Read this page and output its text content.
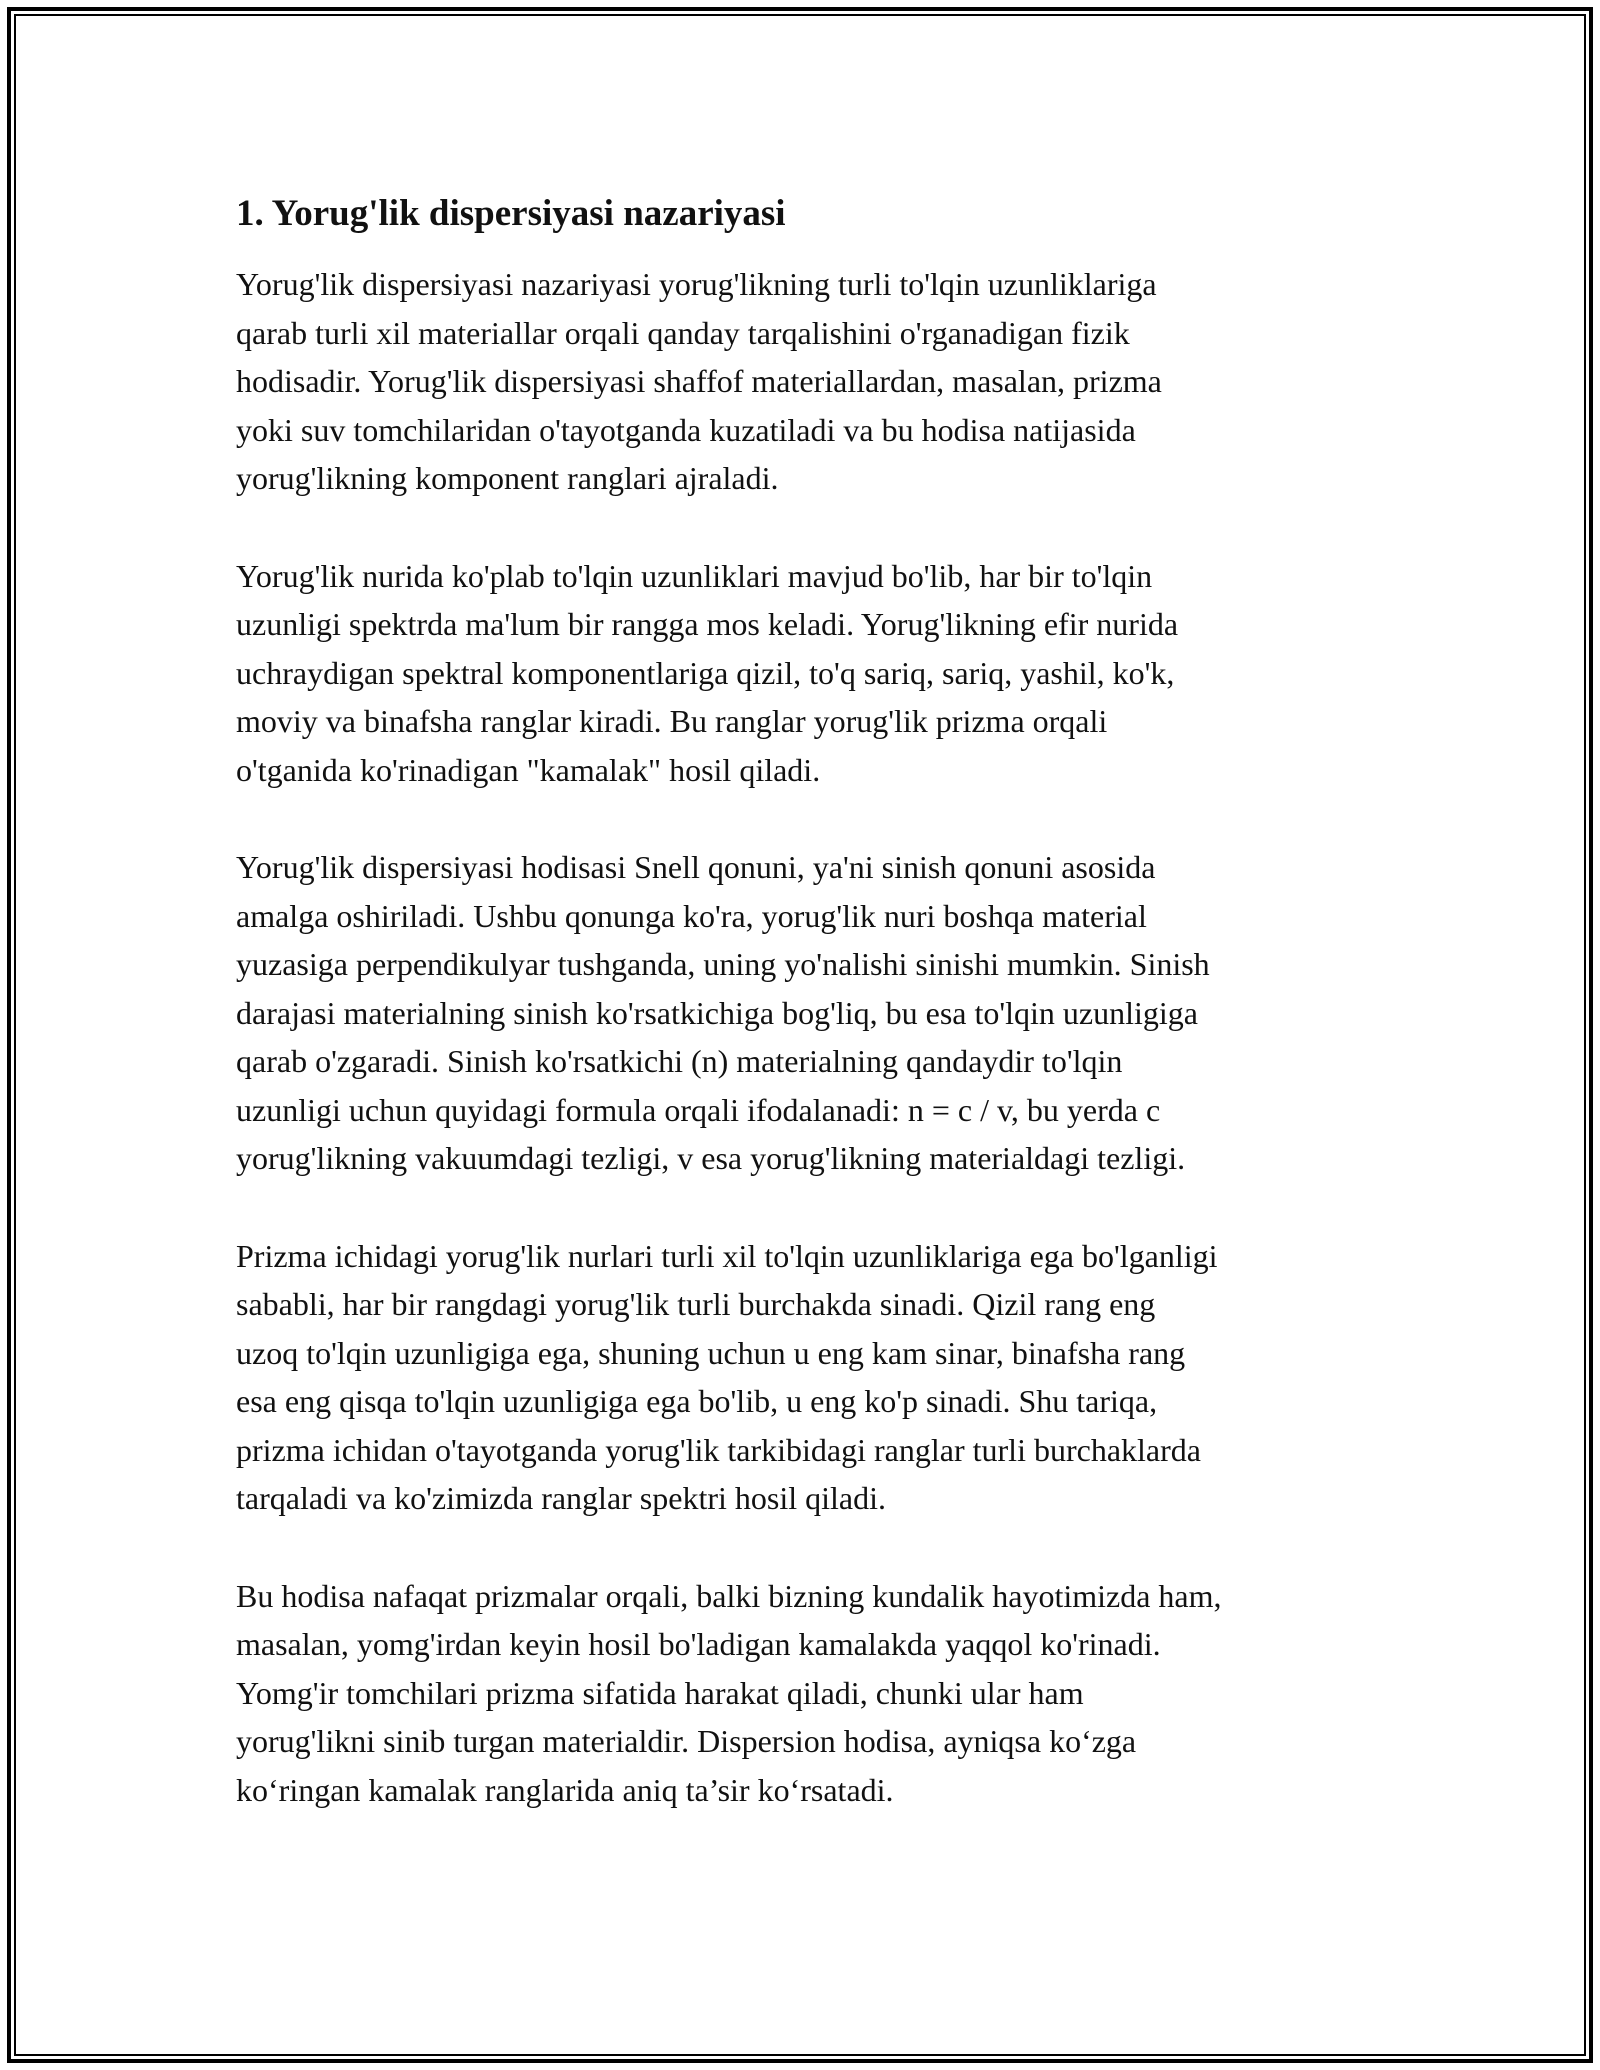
1. Yorug'lik dispersiyasi nazariyasi

Yorug'lik dispersiyasi nazariyasi yorug'likning turli to'lqin uzunliklariga
qarab turli xil materiallar orqali qanday tarqalishini o'rganadigan fizik
hodisadir. Yorug'lik dispersiyasi shaffof materiallardan, masalan, prizma
yoki suv tomchilaridan o'tayotganda kuzatiladi va bu hodisa natijasida
yorug'likning komponent ranglari ajraladi.

Yorug'lik nurida ko'plab to'lqin uzunliklari mavjud bo'lib, har bir to'lqin
uzunligi spektrda ma'lum bir rangga mos keladi. Yorug'likning efir nurida
uchraydigan spektral komponentlariga qizil, to'q sariq, sariq, yashil, ko'k,
moviy va binafsha ranglar kiradi. Bu ranglar yorug'lik prizma orqali
o'tganida ko'rinadigan "kamalak" hosil qiladi.

Yorug'lik dispersiyasi hodisasi Snell qonuni, ya'ni sinish qonuni asosida
amalga oshiriladi. Ushbu qonunga ko'ra, yorug'lik nuri boshqa material
yuzasiga perpendikulyar tushganda, uning yo'nalishi sinishi mumkin. Sinish
darajasi materialning sinish ko'rsatkichiga bog'liq, bu esa to'lqin uzunligiga
qarab o'zgaradi. Sinish ko'rsatkichi (n) materialning qandaydir to'lqin
uzunligi uchun quyidagi formula orqali ifodalanadi: n = c / v, bu yerda c
yorug'likning vakuumdagi tezligi, v esa yorug'likning materialdagi tezligi.

Prizma ichidagi yorug'lik nurlari turli xil to'lqin uzunliklariga ega bo'lganligi
sababli, har bir rangdagi yorug'lik turli burchakda sinadi. Qizil rang eng
uzoq to'lqin uzunligiga ega, shuning uchun u eng kam sinar, binafsha rang
esa eng qisqa to'lqin uzunligiga ega bo'lib, u eng ko'p sinadi. Shu tariqa,
prizma ichidan o'tayotganda yorug'lik tarkibidagi ranglar turli burchaklarda
tarqaladi va ko'zimizda ranglar spektri hosil qiladi.

Bu hodisa nafaqat prizmalar orqali, balki bizning kundalik hayotimizda ham,
masalan, yomg'irdan keyin hosil bo'ladigan kamalakda yaqqol ko'rinadi.
Yomg'ir tomchilari prizma sifatida harakat qiladi, chunki ular ham
yorug'likni sinib turgan materialdir. Dispersion hodisa, ayniqsa ko‘zga
ko‘ringan kamalak ranglarida aniq ta’sir ko‘rsatadi.
